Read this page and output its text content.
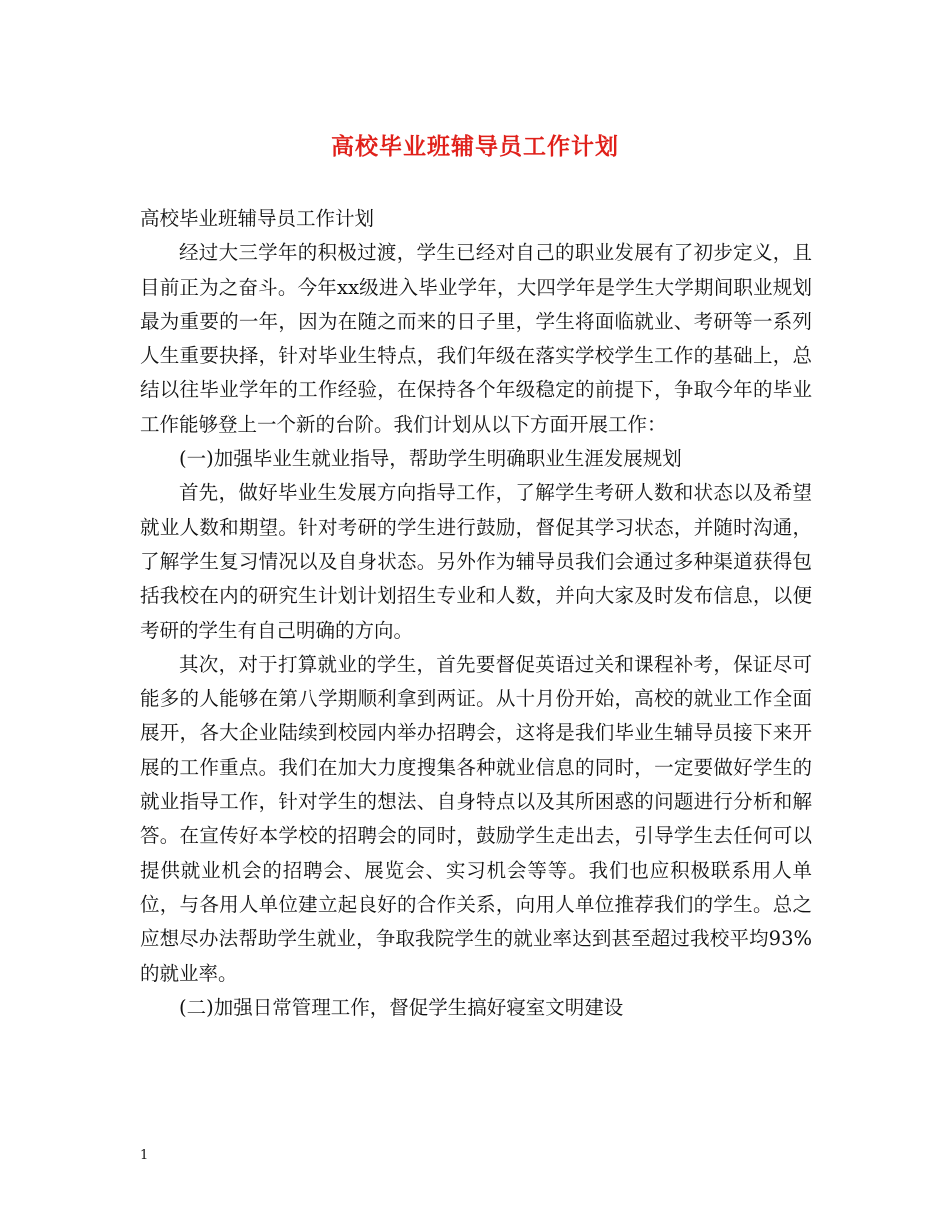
高校毕业班辅导员工作计划

高校毕业班辅导员工作计划

经过大三学年的积极过渡，学生已经对自己的职业发展有了初步定义，且目前正为之奋斗。今年xx级进入毕业学年，大四学年是学生大学期间职业规划最为重要的一年，因为在随之而来的日子里，学生将面临就业、考研等一系列人生重要抉择，针对毕业生特点，我们年级在落实学校学生工作的基础上，总结以往毕业学年的工作经验，在保持各个年级稳定的前提下，争取今年的毕业工作能够登上一个新的台阶。我们计划从以下方面开展工作：

(一)加强毕业生就业指导，帮助学生明确职业生涯发展规划

首先，做好毕业生发展方向指导工作，了解学生考研人数和状态以及希望就业人数和期望。针对考研的学生进行鼓励，督促其学习状态，并随时沟通，了解学生复习情况以及自身状态。另外作为辅导员我们会通过多种渠道获得包括我校在内的研究生计划计划招生专业和人数，并向大家及时发布信息，以便考研的学生有自己明确的方向。

其次，对于打算就业的学生，首先要督促英语过关和课程补考，保证尽可能多的人能够在第八学期顺利拿到两证。从十月份开始，高校的就业工作全面展开，各大企业陆续到校园内举办招聘会，这将是我们毕业生辅导员接下来开展的工作重点。我们在加大力度搜集各种就业信息的同时，一定要做好学生的就业指导工作，针对学生的想法、自身特点以及其所困惑的问题进行分析和解答。在宣传好本学校的招聘会的同时，鼓励学生走出去，引导学生去任何可以提供就业机会的招聘会、展览会、实习机会等等。我们也应积极联系用人单位，与各用人单位建立起良好的合作关系，向用人单位推荐我们的学生。总之应想尽办法帮助学生就业，争取我院学生的就业率达到甚至超过我校平均93%的就业率。

(二)加强日常管理工作，督促学生搞好寝室文明建设

1
